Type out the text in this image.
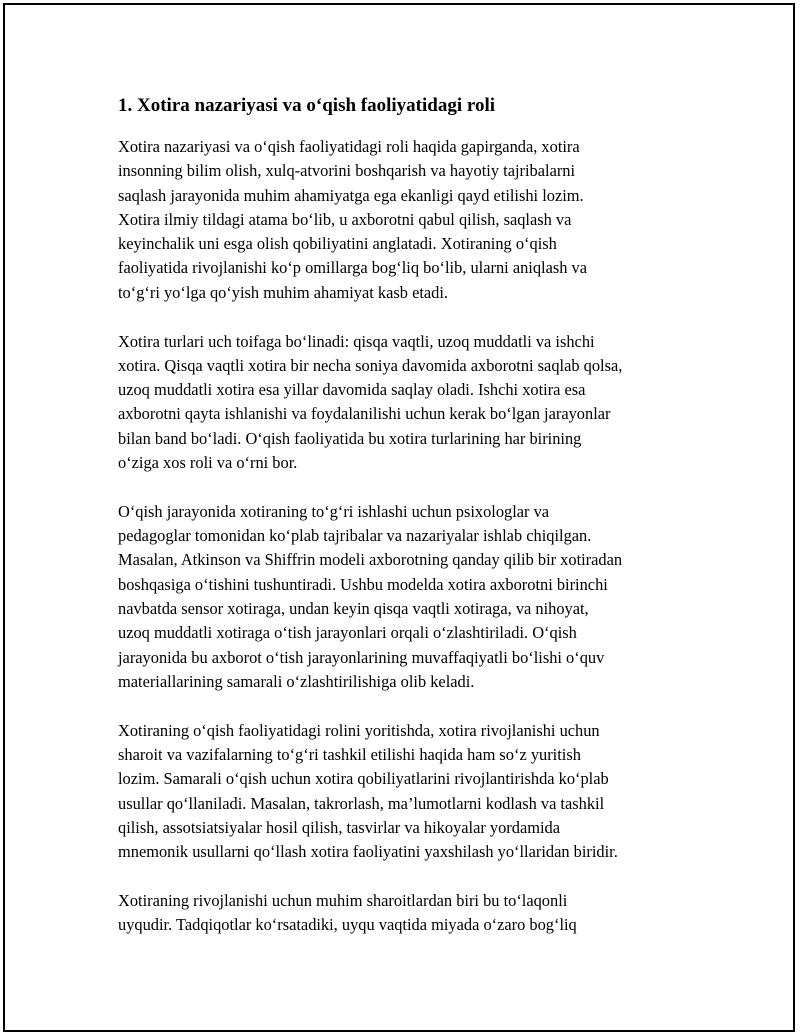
1. Xotira nazariyasi va o‘qish faoliyatidagi roli

Xotira nazariyasi va o‘qish faoliyatidagi roli haqida gapirganda, xotira
insonning bilim olish, xulq-atvorini boshqarish va hayotiy tajribalarni
saqlash jarayonida muhim ahamiyatga ega ekanligi qayd etilishi lozim.
Xotira ilmiy tildagi atama bo‘lib, u axborotni qabul qilish, saqlash va
keyinchalik uni esga olish qobiliyatini anglatadi. Xotiraning o‘qish
faoliyatida rivojlanishi ko‘p omillarga bog‘liq bo‘lib, ularni aniqlash va
to‘g‘ri yo‘lga qo‘yish muhim ahamiyat kasb etadi.

Xotira turlari uch toifaga bo‘linadi: qisqa vaqtli, uzoq muddatli va ishchi
xotira. Qisqa vaqtli xotira bir necha soniya davomida axborotni saqlab qolsa,
uzoq muddatli xotira esa yillar davomida saqlay oladi. Ishchi xotira esa
axborotni qayta ishlanishi va foydalanilishi uchun kerak bo‘lgan jarayonlar
bilan band bo‘ladi. O‘qish faoliyatida bu xotira turlarining har birining
o‘ziga xos roli va o‘rni bor.

O‘qish jarayonida xotiraning to‘g‘ri ishlashi uchun psixologlar va
pedagoglar tomonidan ko‘plab tajribalar va nazariyalar ishlab chiqilgan.
Masalan, Atkinson va Shiffrin modeli axborotning qanday qilib bir xotiradan
boshqasiga o‘tishini tushuntiradi. Ushbu modelda xotira axborotni birinchi
navbatda sensor xotiraga, undan keyin qisqa vaqtli xotiraga, va nihoyat,
uzoq muddatli xotiraga o‘tish jarayonlari orqali o‘zlashtiriladi. O‘qish
jarayonida bu axborot o‘tish jarayonlarining muvaffaqiyatli bo‘lishi o‘quv
materiallarining samarali o‘zlashtirilishiga olib keladi.

Xotiraning o‘qish faoliyatidagi rolini yoritishda, xotira rivojlanishi uchun
sharoit va vazifalarning to‘g‘ri tashkil etilishi haqida ham so‘z yuritish
lozim. Samarali o‘qish uchun xotira qobiliyatlarini rivojlantirishda ko‘plab
usullar qo‘llaniladi. Masalan, takrorlash, ma’lumotlarni kodlash va tashkil
qilish, assotsiatsiyalar hosil qilish, tasvirlar va hikoyalar yordamida
mnemonik usullarni qo‘llash xotira faoliyatini yaxshilash yo‘llaridan biridir.

Xotiraning rivojlanishi uchun muhim sharoitlardan biri bu to‘laqonli
uyqudir. Tadqiqotlar ko‘rsatadiki, uyqu vaqtida miyada o‘zaro bog‘liq
